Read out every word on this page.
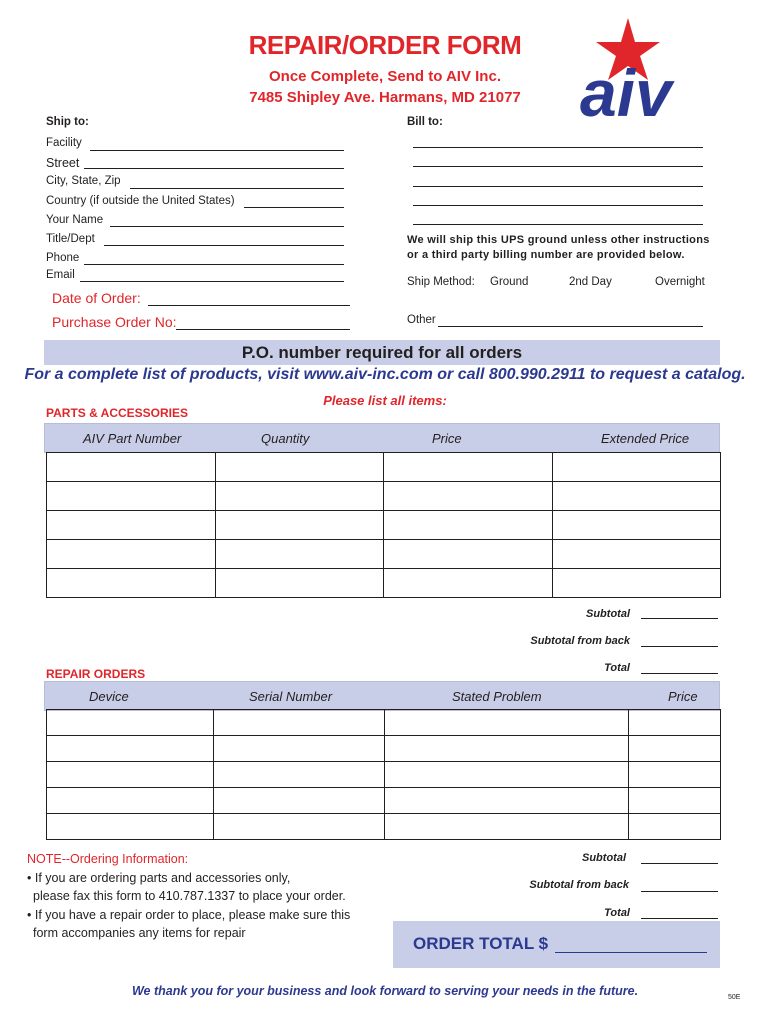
REPAIR/ORDER FORM
Once Complete, Send to AIV Inc.
7485 Shipley Ave. Harmans, MD 21077 aiv
Ship to:
Facility
Street
City, State, Zip
Country (if outside the United States)
Your Name
Title/Dept
Phone
Email
Date of Order:
Purchase Order No:
Bill to:
We will ship this UPS ground unless other instructions
or a third party billing number are provided below.
Ship Method: Ground	2nd Day	Overnight
Other
P.O. number required for all orders
For a complete list of products, visit www.aiv-inc.com or call 800.990.2911 to request a catalog.
Please list all items:
PARTS & ACCESSORIES
AIV Part Number	Quantity	Price	Extended Price

Subtotal
Subtotal from back
Total
REPAIR ORDERS
Device	Serial Number	Stated Problem	Price

NOTE--Ordering Information:
• If you are ordering parts and accessories only,
please fax this form to 410.787.1337 to place your order.
• If you have a repair order to place, please make sure this
form accompanies any items for repair
Subtotal
Subtotal from back
Total
ORDER TOTAL $
We thank you for your business and look forward to serving your needs in the future.	50E
